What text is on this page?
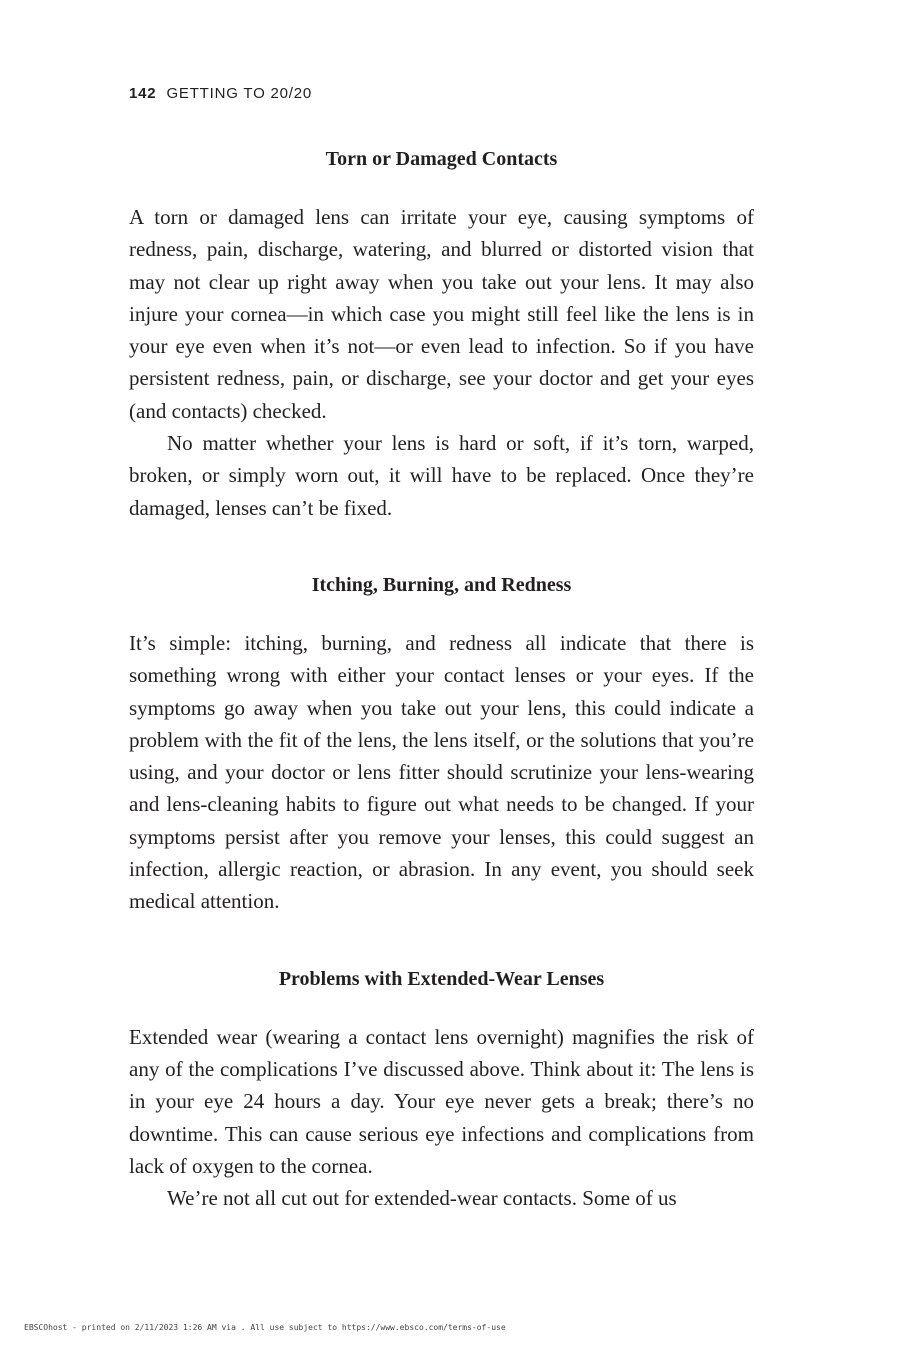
142 GETTING TO 20/20
Torn or Damaged Contacts

A torn or damaged lens can irritate your eye, causing symptoms of redness, pain, discharge, watering, and blurred or distorted vision that may not clear up right away when you take out your lens. It may also injure your cornea—in which case you might still feel like the lens is in your eye even when it’s not—or even lead to infection. So if you have persistent redness, pain, or discharge, see your doctor and get your eyes (and contacts) checked.

No matter whether your lens is hard or soft, if it’s torn, warped, broken, or simply worn out, it will have to be replaced. Once they’re damaged, lenses can’t be fixed.

Itching, Burning, and Redness

It’s simple: itching, burning, and redness all indicate that there is something wrong with either your contact lenses or your eyes. If the symptoms go away when you take out your lens, this could indicate a problem with the fit of the lens, the lens itself, or the solutions that you’re using, and your doctor or lens fitter should scrutinize your lens-wearing and lens-cleaning habits to figure out what needs to be changed. If your symptoms persist after you remove your lenses, this could suggest an infection, allergic reaction, or abrasion. In any event, you should seek medical attention.

Problems with Extended-Wear Lenses

Extended wear (wearing a contact lens overnight) magnifies the risk of any of the complications I’ve discussed above. Think about it: The lens is in your eye 24 hours a day. Your eye never gets a break; there’s no downtime. This can cause serious eye infections and complications from lack of oxygen to the cornea.

We’re not all cut out for extended-wear contacts. Some of us

EBSCOhost - printed on 2/11/2023 1:26 AM via . All use subject to https://www.ebsco.com/terms-of-use
